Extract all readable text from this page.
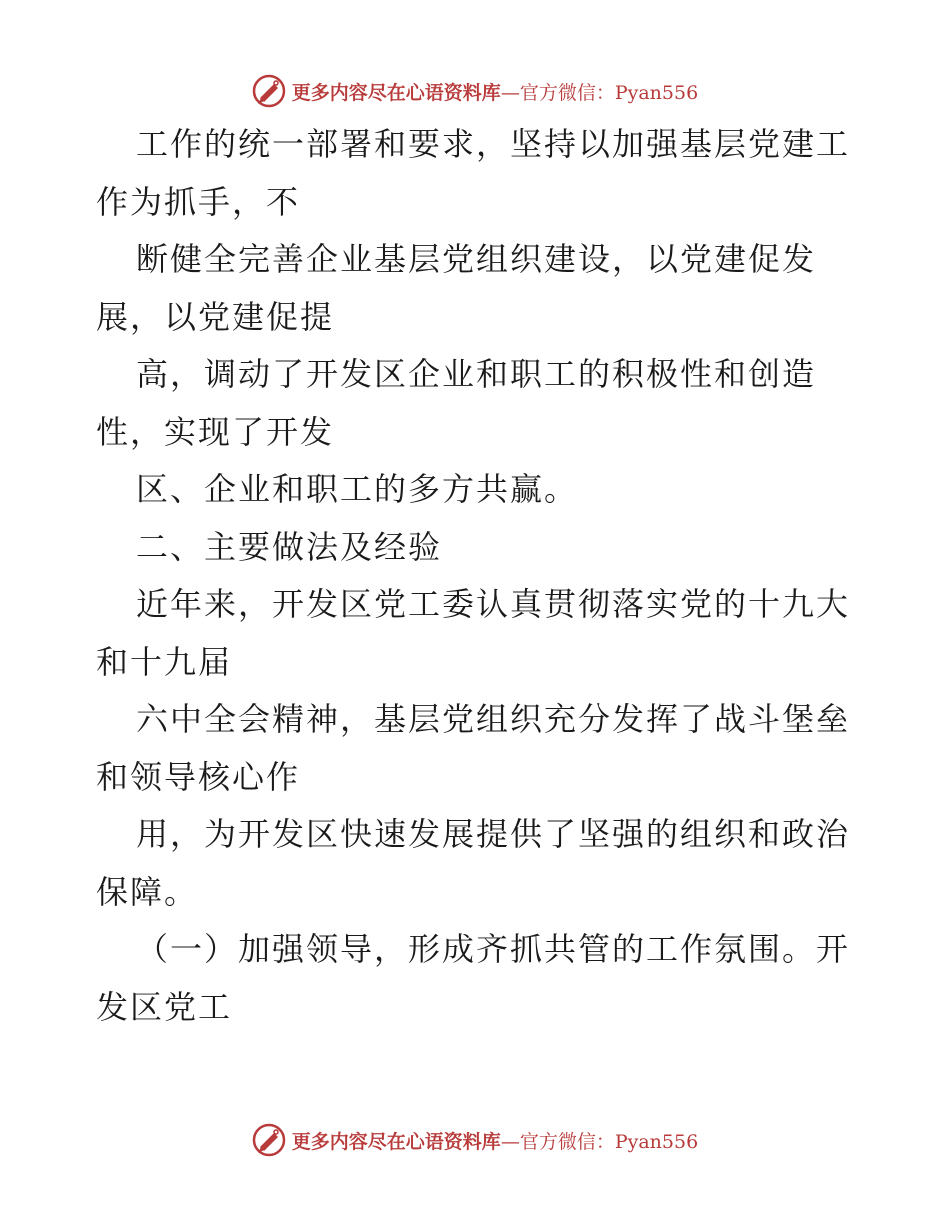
更多内容尽在心语资料库—官方微信：Pyan556
工作的统一部署和要求，坚持以加强基层党建工
作为抓手，不
断健全完善企业基层党组织建设，以党建促发
展，以党建促提
高，调动了开发区企业和职工的积极性和创造
性，实现了开发
区、企业和职工的多方共赢。
二、主要做法及经验
近年来，开发区党工委认真贯彻落实党的十九大
和十九届
六中全会精神，基层党组织充分发挥了战斗堡垒
和领导核心作
用，为开发区快速发展提供了坚强的组织和政治
保障。
（一）加强领导，形成齐抓共管的工作氛围。开
发区党工
更多内容尽在心语资料库—官方微信：Pyan556
